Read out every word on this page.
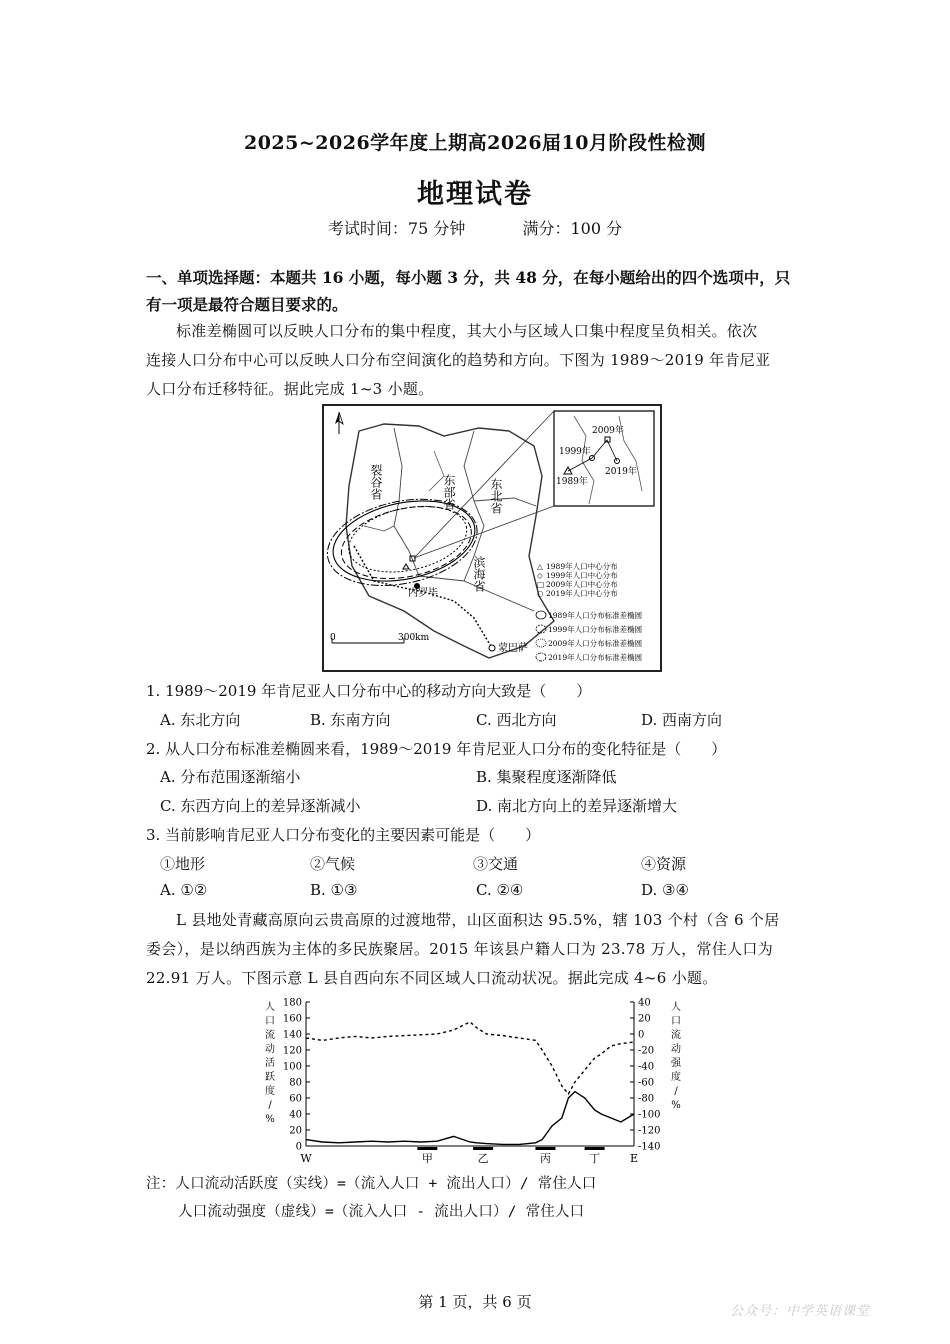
2025~2026学年度上期高2026届10月阶段性检测
地理试卷
考试时间：75 分钟	满分：100 分
一、单项选择题：本题共 16 小题，每小题 3 分，共 48 分，在每小题给出的四个选项中，只
有一项是最符合题目要求的。
标准差椭圆可以反映人口分布的集中程度，其大小与区域人口集中程度呈负相关。依次
连接人口分布中心可以反映人口分布空间演化的趋势和方向。下图为 1989～2019 年肯尼亚
人口分布迁移特征。据此完成 1~3 小题。
裂谷省	东部省	东北省
滨海省
内罗毕
蒙巴萨
2009年
1999年
2019年
1989年
0	300km
△ 1989年人口中心分布
◇ 1999年人口中心分布
□ 2009年人口中心分布
○ 2019年人口中心分布
1989年人口分布标准差椭圆
1999年人口分布标准差椭圆
2009年人口分布标准差椭圆
2019年人口分布标准差椭圆
1. 1989～2019 年肯尼亚人口分布中心的移动方向大致是（　　）
A. 东北方向	B. 东南方向	C. 西北方向	D. 西南方向
2. 从人口分布标准差椭圆来看，1989～2019 年肯尼亚人口分布的变化特征是（　　）
A. 分布范围逐渐缩小	B. 集聚程度逐渐降低
C. 东西方向上的差异逐渐减小	D. 南北方向上的差异逐渐增大
3. 当前影响肯尼亚人口分布变化的主要因素可能是（　　）
①地形	②气候	③交通	④资源
A. ①②	B. ①③	C. ②④	D. ③④
L 县地处青藏高原向云贵高原的过渡地带，山区面积达 95.5%，辖 103 个村（含 6 个居
委会），是以纳西族为主体的多民族聚居。2015 年该县户籍人口为 23.78 万人，常住人口为
22.91 万人。下图示意 L 县自西向东不同区域人口流动状况。据此完成 4~6 小题。
0
20
40
60
80
100
120
140
160
180	40
20
0
-20
-40
-60
-80
-100
-120
-140
人
口
流
动
活
跃
度
/
%
人
口
流
动
强
度
/
%
W	甲	乙	丙	丁	E
注：人口流动活跃度（实线）=（流入人口 + 流出人口）/ 常住人口
人口流动强度（虚线）=（流入人口 - 流出人口）/ 常住人口
第 1 页，共 6 页
公众号：中学英语课堂
